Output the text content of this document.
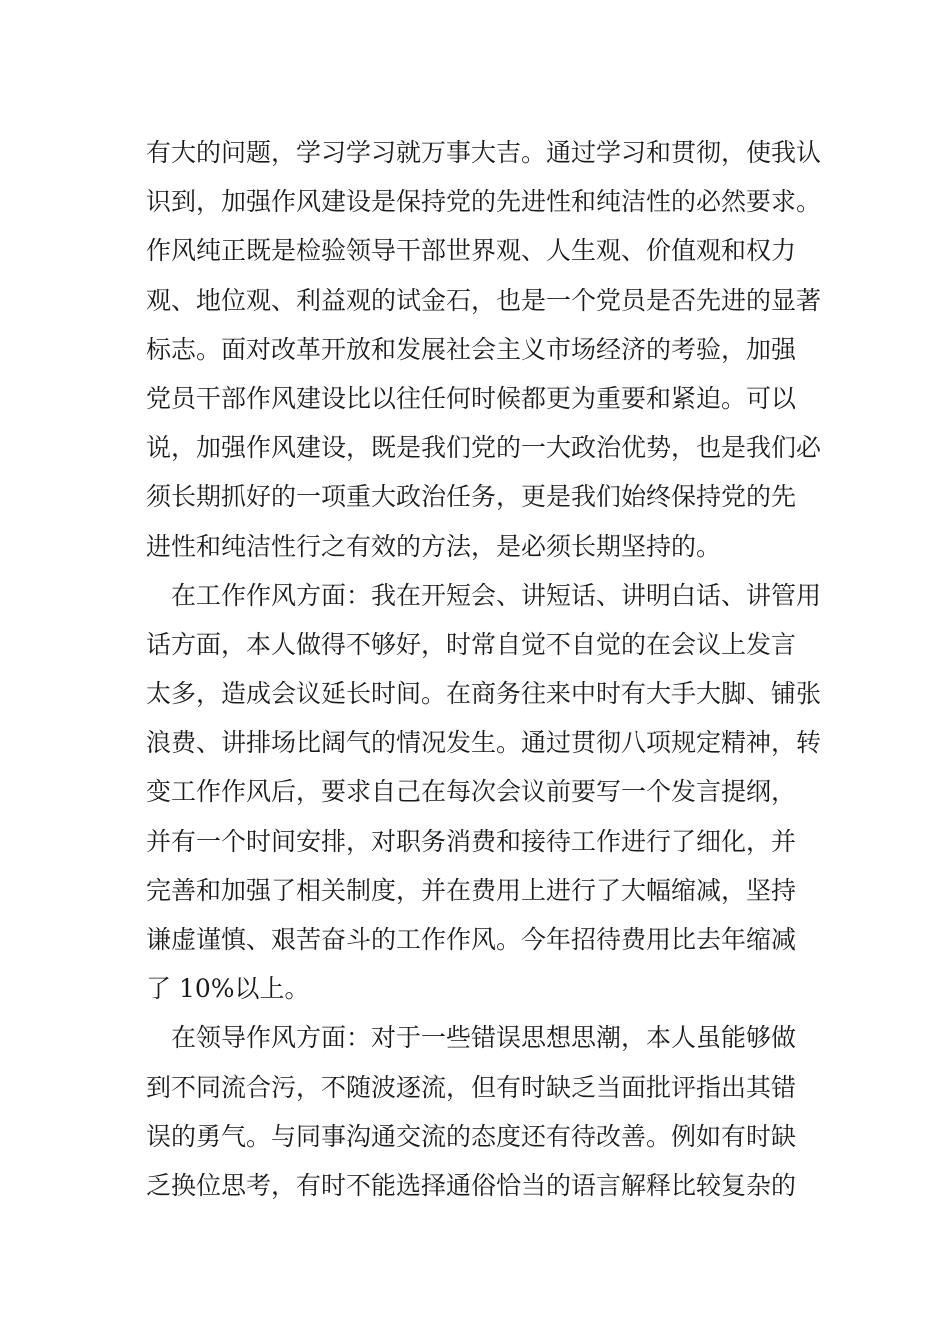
有大的问题，学习学习就万事大吉。通过学习和贯彻，使我认
识到，加强作风建设是保持党的先进性和纯洁性的必然要求。
作风纯正既是检验领导干部世界观、人生观、价值观和权力
观、地位观、利益观的试金石，也是一个党员是否先进的显著
标志。面对改革开放和发展社会主义市场经济的考验，加强
党员干部作风建设比以往任何时候都更为重要和紧迫。可以
说，加强作风建设，既是我们党的一大政治优势，也是我们必
须长期抓好的一项重大政治任务，更是我们始终保持党的先
进性和纯洁性行之有效的方法，是必须长期坚持的。
在工作作风方面：我在开短会、讲短话、讲明白话、讲管用
话方面，本人做得不够好，时常自觉不自觉的在会议上发言
太多，造成会议延长时间。在商务往来中时有大手大脚、铺张
浪费、讲排场比阔气的情况发生。通过贯彻八项规定精神，转
变工作作风后，要求自己在每次会议前要写一个发言提纲，
并有一个时间安排，对职务消费和接待工作进行了细化，并
完善和加强了相关制度，并在费用上进行了大幅缩减，坚持
谦虚谨慎、艰苦奋斗的工作作风。今年招待费用比去年缩减
了 10%以上。
在领导作风方面：对于一些错误思想思潮，本人虽能够做
到不同流合污，不随波逐流，但有时缺乏当面批评指出其错
误的勇气。与同事沟通交流的态度还有待改善。例如有时缺
乏换位思考，有时不能选择通俗恰当的语言解释比较复杂的
